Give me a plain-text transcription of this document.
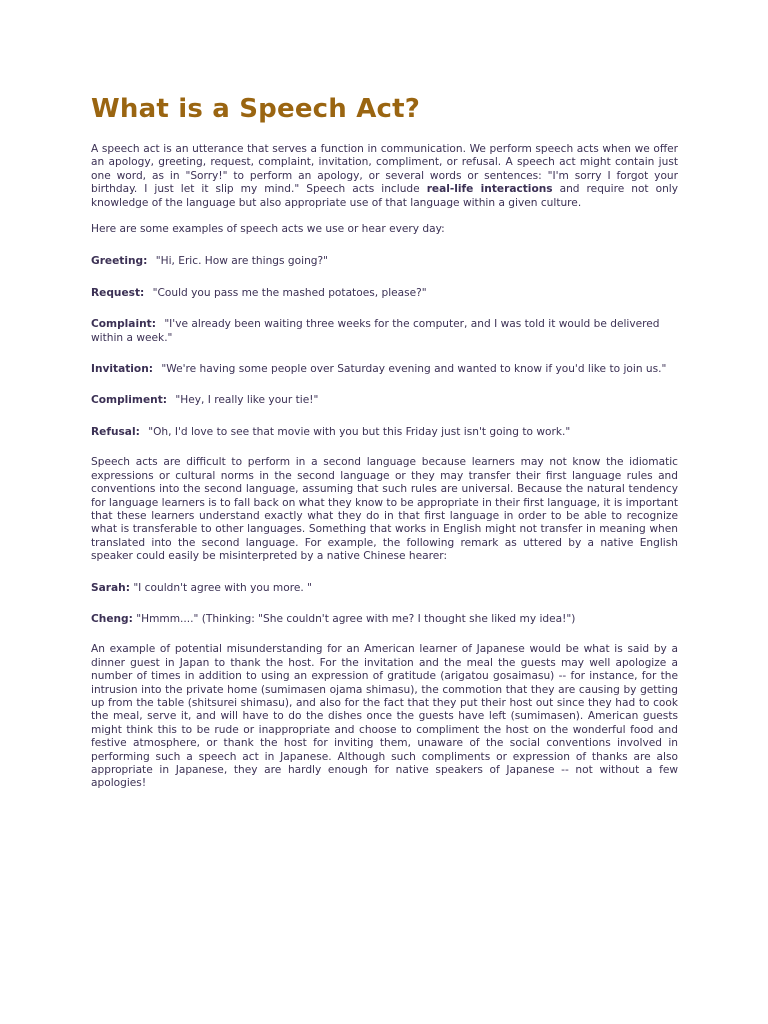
What is a Speech Act?

A speech act is an utterance that serves a function in communication. We perform speech acts when we offer an apology, greeting, request, complaint, invitation, compliment, or refusal. A speech act might contain just one word, as in "Sorry!" to perform an apology, or several words or sentences: "I'm sorry I forgot your birthday. I just let it slip my mind." Speech acts include real-life interactions and require not only knowledge of the language but also appropriate use of that language within a given culture.

Here are some examples of speech acts we use or hear every day:

Greeting: "Hi, Eric. How are things going?"

Request: "Could you pass me the mashed potatoes, please?"

Complaint: "I've already been waiting three weeks for the computer, and I was told it would be delivered within a week."

Invitation: "We're having some people over Saturday evening and wanted to know if you'd like to join us."

Compliment: "Hey, I really like your tie!"

Refusal: "Oh, I'd love to see that movie with you but this Friday just isn't going to work."

Speech acts are difficult to perform in a second language because learners may not know the idiomatic expressions or cultural norms in the second language or they may transfer their first language rules and conventions into the second language, assuming that such rules are universal. Because the natural tendency for language learners is to fall back on what they know to be appropriate in their first language, it is important that these learners understand exactly what they do in that first language in order to be able to recognize what is transferable to other languages. Something that works in English might not transfer in meaning when translated into the second language. For example, the following remark as uttered by a native English speaker could easily be misinterpreted by a native Chinese hearer:

Sarah: "I couldn't agree with you more. "

Cheng: "Hmmm...." (Thinking: "She couldn't agree with me? I thought she liked my idea!")

An example of potential misunderstanding for an American learner of Japanese would be what is said by a dinner guest in Japan to thank the host. For the invitation and the meal the guests may well apologize a number of times in addition to using an expression of gratitude (arigatou gosaimasu) -- for instance, for the intrusion into the private home (sumimasen ojama shimasu), the commotion that they are causing by getting up from the table (shitsurei shimasu), and also for the fact that they put their host out since they had to cook the meal, serve it, and will have to do the dishes once the guests have left (sumimasen). American guests might think this to be rude or inappropriate and choose to compliment the host on the wonderful food and festive atmosphere, or thank the host for inviting them, unaware of the social conventions involved in performing such a speech act in Japanese. Although such compliments or expression of thanks are also appropriate in Japanese, they are hardly enough for native speakers of Japanese -- not without a few apologies!
